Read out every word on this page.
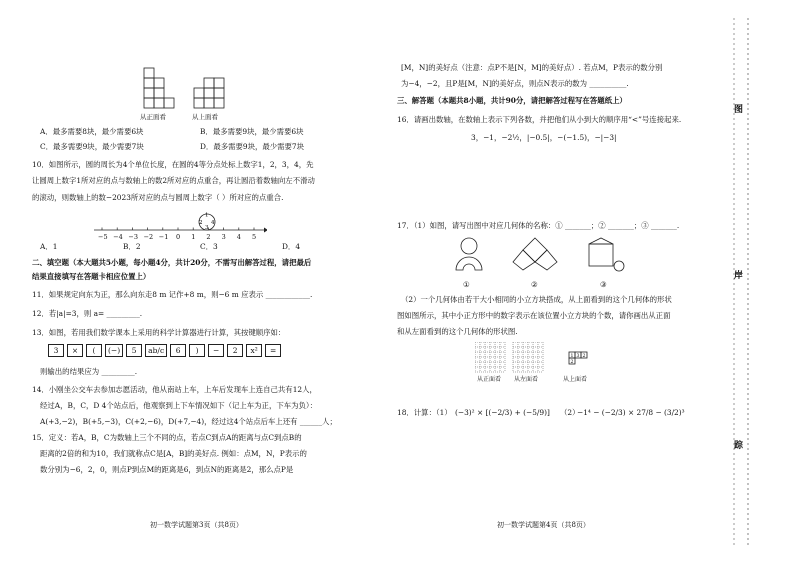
从正面看	从上面看
A．最多需要8块，最少需要6块	B．最多需要9块，最少需要6块
C．最多需要9块，最少需要7块	D．最多需要9块，最少需要7块
10．如图所示，圆的周长为4个单位长度，在圆的4等分点处标上数字1，2，3，4，先
让圆周上数字1所对应的点与数轴上的数2所对应的点重合，再让圆沿着数轴向左不滑动
的滚动，则数轴上的数−2023所对应的点与圆周上数字（ ）所对应的点重合.
−5 −4 −3 −2 −1 0 1 2 3 4 5
1
2
3
4
A．1	B．2	C．3	D．4
二、填空题（本大题共5小题，每小题4分，共计20分，不需写出解答过程，请把最后
结果直接填写在答题卡相应位置上）
11．如果规定向东为正，那么向东走8 m 记作+8 m，则−6 m 应表示 ____________.
12．若|a|=3，则 a= _________.
13．如图，若用我们数学课本上采用的科学计算器进行计算，其按键顺序如：
3	×	(	(−)	5	ab/c	6	)	−	2	x²	=
则输出的结果应为 _________.
14．小刚坐公交车去参加志愿活动，他从南站上车，上车后发现车上连自己共有12人，
经过A，B，C，D 4个站点后，他观察到上下车情况如下（记上车为正，下车为负）：
A(+3,−2)，B(+5,−3)，C(+2,−6)，D(+7,−4)，经过这4个站点后车上还有 ______人；
15．定义：若A，B，C为数轴上三个不同的点，若点C到点A的距离与点C到点B的
距离的2倍的和为10，我们就称点C是[A，B]的美好点. 例如：点M，N，P表示的
数分别为−6，2，0，则点P到点M的距离是6，到点N的距离是2，那么点P是
初一数学试题第3页（共8页）
[M，N]的美好点（注意：点P不是[N，M]的美好点）. 若点M，P表示的数分别
为−4，−2，且P是[M，N]的美好点，则点N表示的数为 __________.
三、解答题（本题共8小题，共计90分，请把解答过程写在答题纸上）
16．请画出数轴，在数轴上表示下列各数，并把他们从小到大的顺序用“<”号连接起来.
3，−1，−2½，|−0.5|，−(−1.5)，−|−3|
17．（1）如图，请写出图中对应几何体的名称：① _______；② _______；③ _______.
①	②	③
（2）一个几何体由若干大小相同的小立方块搭成，从上面看到的这个几何体的形状
图如图所示，其中小正方形中的数字表示在该位置小立方块的个数，请你画出从正面
和从左面看到的这个几何体的形状图.
1 3 2
2
从正面看 从左面看	从上面看
18．计算：（1） (−3)² × [(−2/3) + (−5/9)] （2）
−1⁴ − (−2/3) × 27/8 − (3/2)³
初一数学试题第4页（共8页）
图
岸
踪
